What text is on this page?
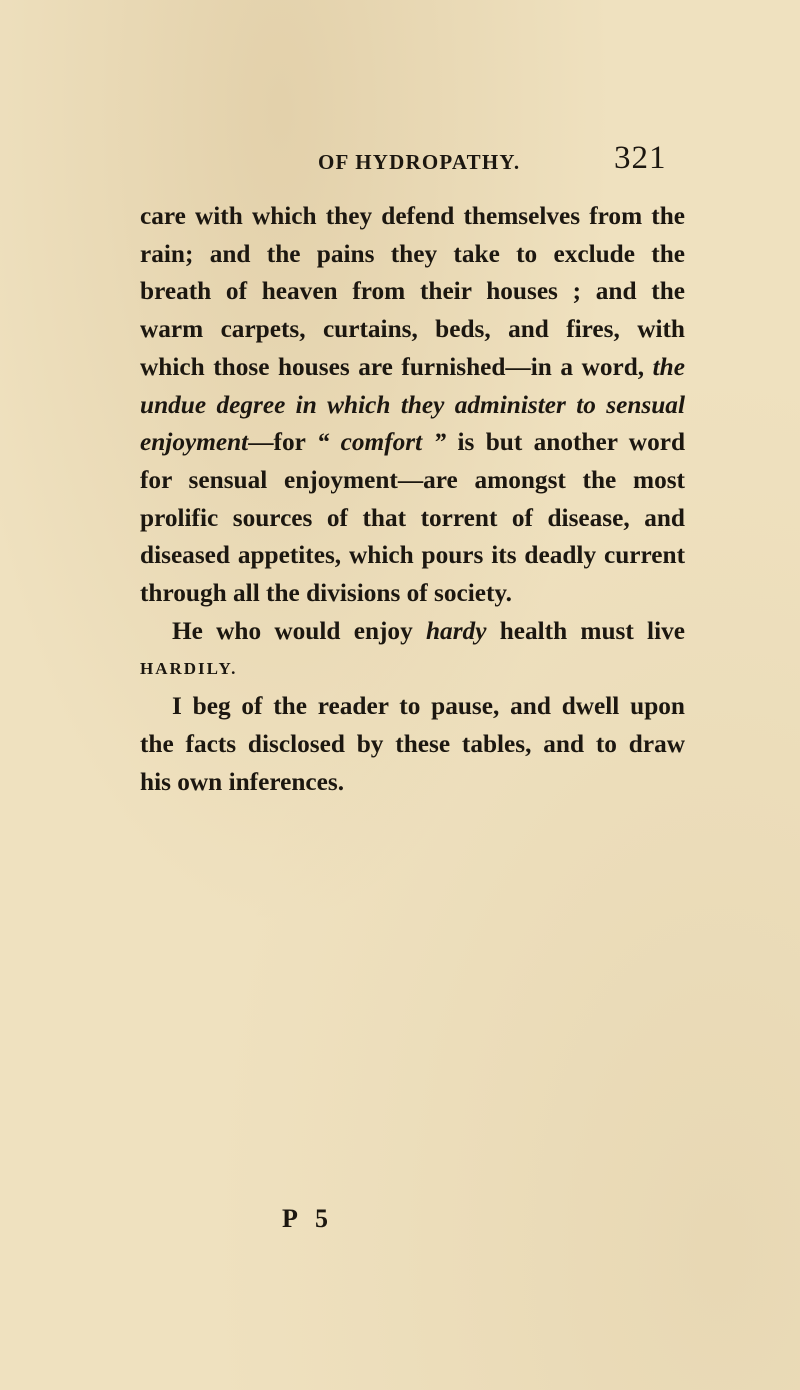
OF HYDROPATHY.	321
care with which they defend themselves from the
rain; and the pains they take to exclude the
breath of heaven from their houses ; and the
warm carpets, curtains, beds, and fires, with
which those houses are furnished—in a word, the
undue degree in which they administer to sensual
enjoyment—for “ comfort ” is but another word
for sensual enjoyment—are amongst the most
prolific sources of that torrent of disease, and
diseased appetites, which pours its deadly current
through all the divisions of society.
He who would enjoy hardy health must live
HARDILY.
I beg of the reader to pause, and dwell upon
the facts disclosed by these tables, and to draw
his own inferences.
P 5
